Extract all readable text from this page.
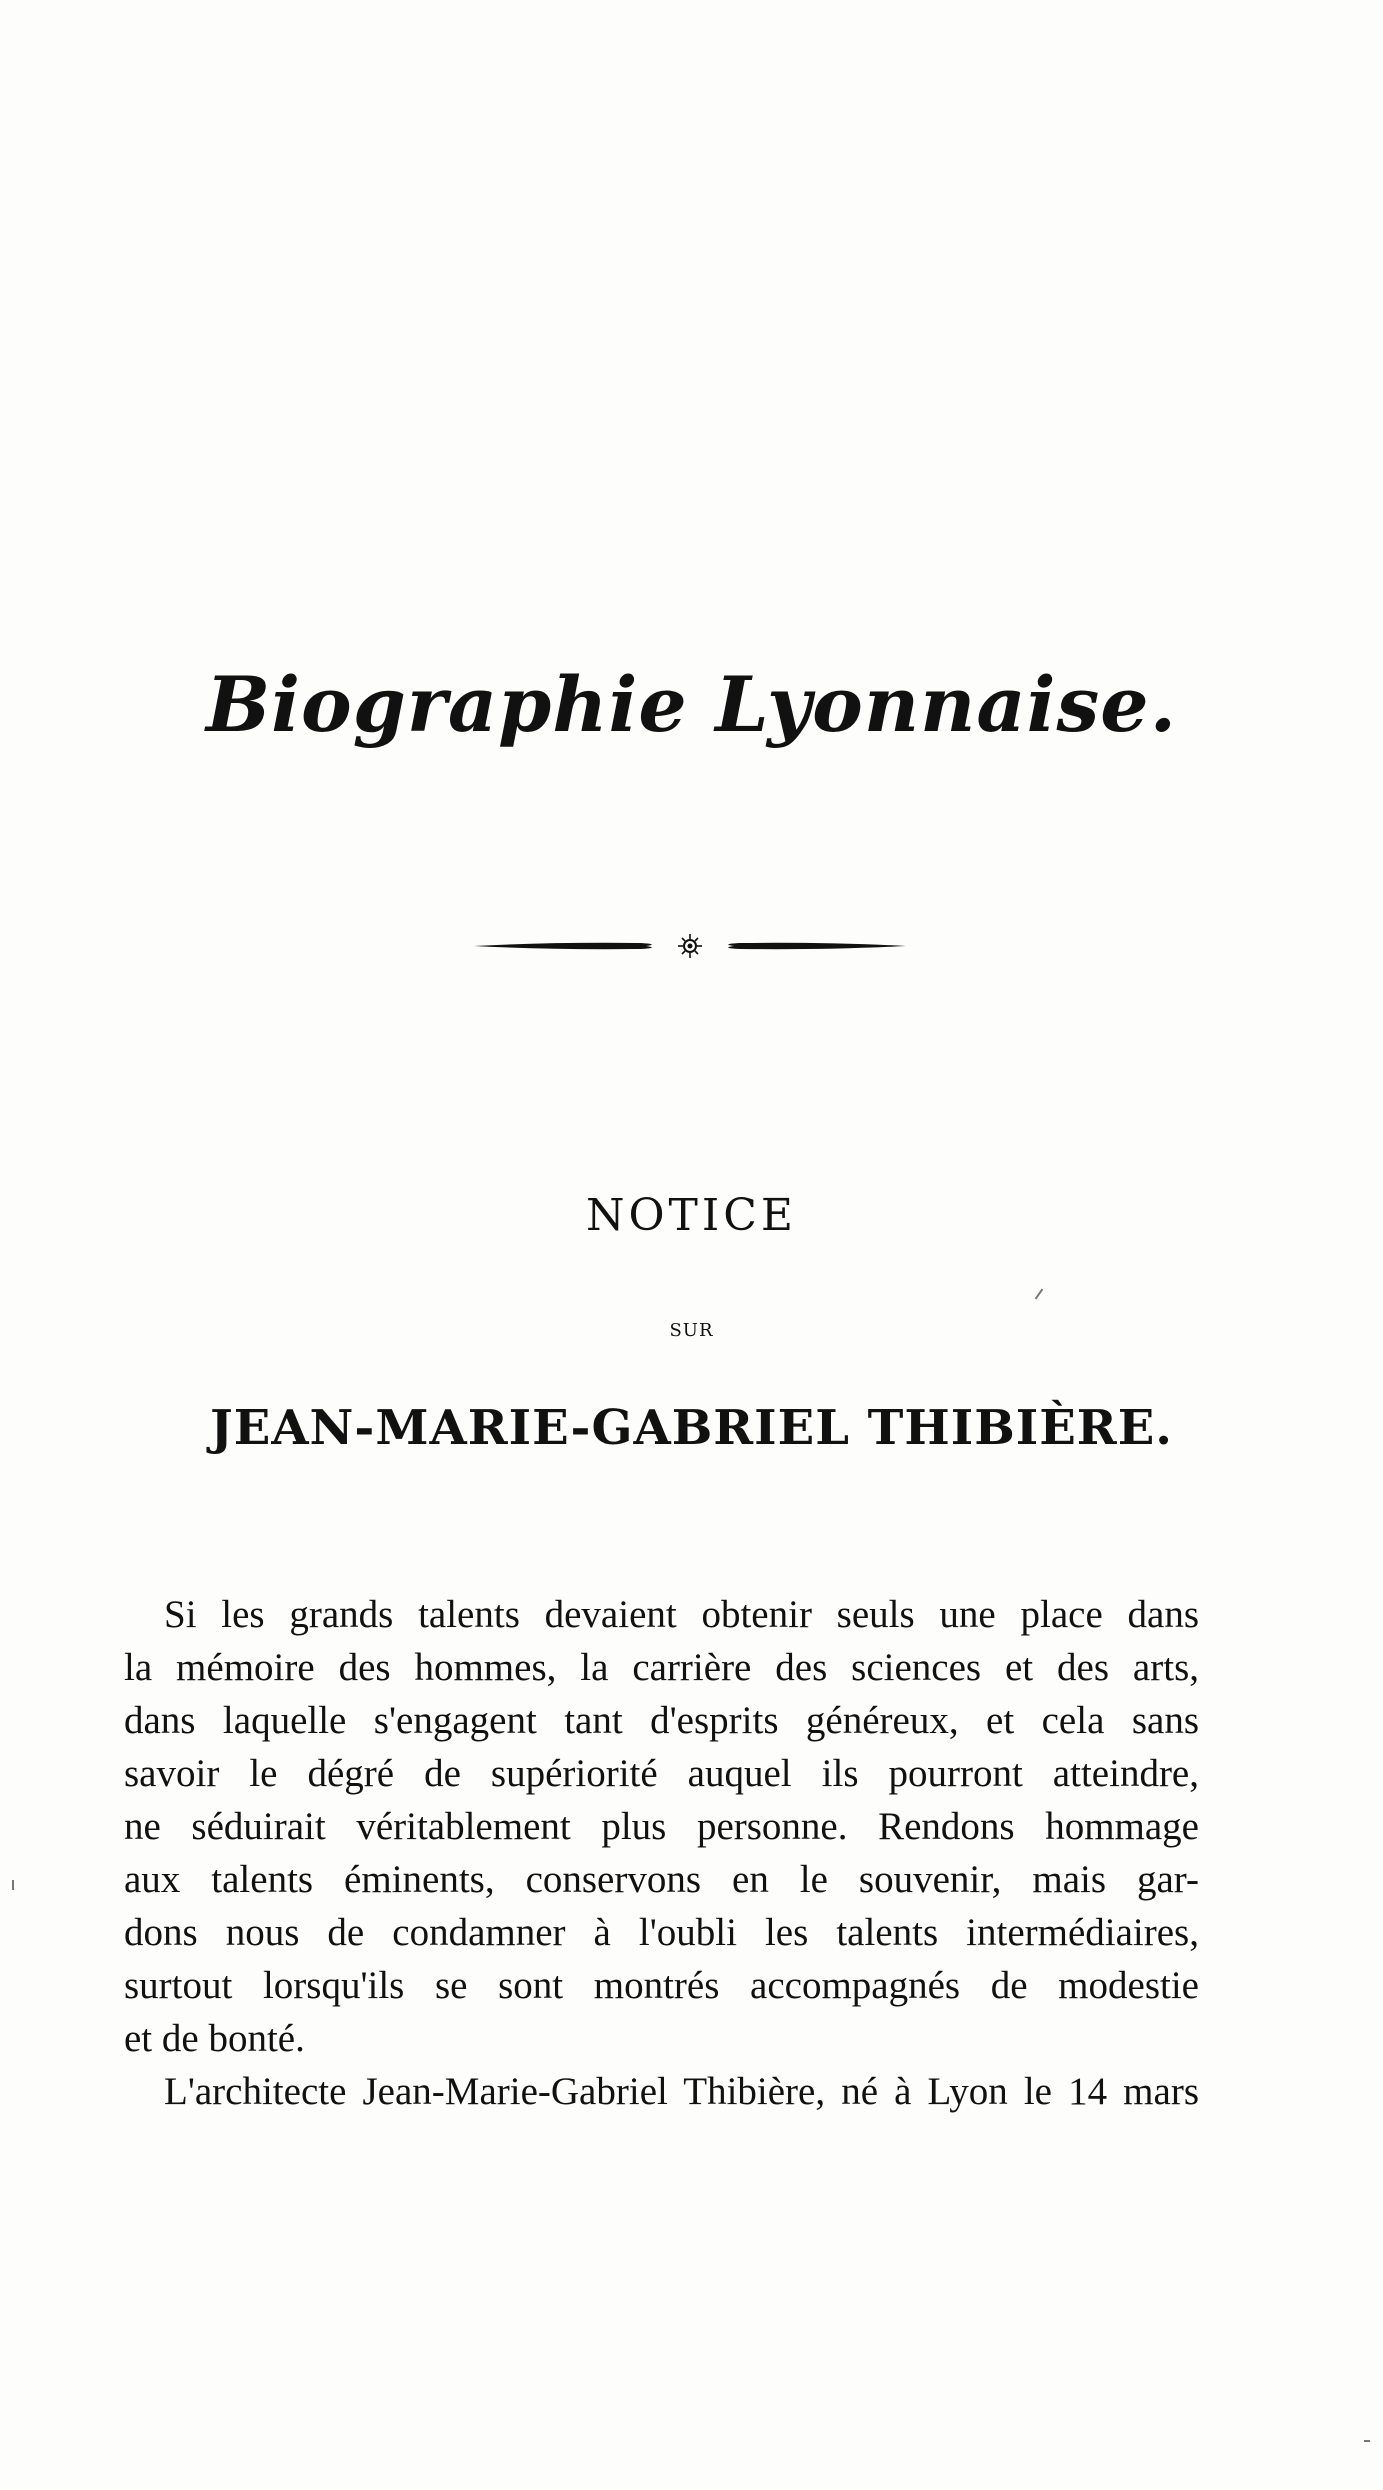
Biographie Lyonnaise.
NOTICE
SUR
JEAN-MARIE-GABRIEL THIBIÈRE.
Si les grands talents devaient obtenir seuls une place dans
la mémoire des hommes, la carrière des sciences et des arts,
dans laquelle s'engagent tant d'esprits généreux, et cela sans
savoir le dégré de supériorité auquel ils pourront atteindre,
ne séduirait véritablement plus personne. Rendons hommage
aux talents éminents, conservons en le souvenir, mais gar-
dons nous de condamner à l'oubli les talents intermédiaires,
surtout lorsqu'ils se sont montrés accompagnés de modestie
et de bonté.
L'architecte Jean-Marie-Gabriel Thibière, né à Lyon le 14 mars
